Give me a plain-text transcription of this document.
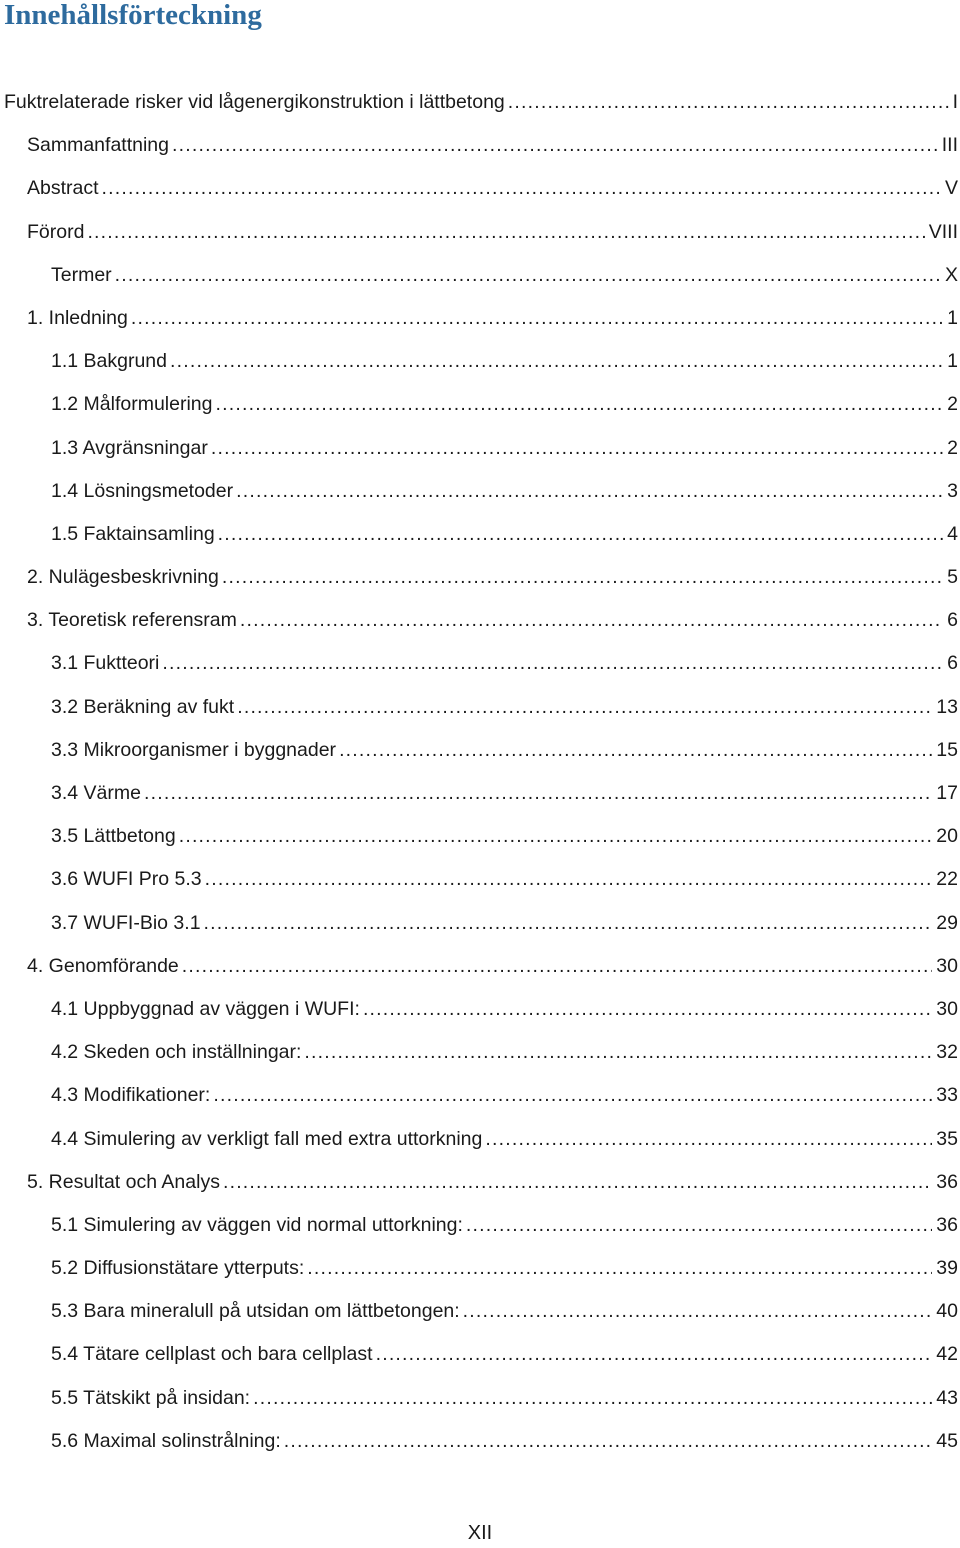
Innehållsförteckning
Fuktrelaterade risker vid lågenergikonstruktion i lättbetong .....	I
Sammanfattning .....	III
Abstract .....	V
Förord .....	VIII
Termer .....	X
1. Inledning .....	1
1.1 Bakgrund .....	1
1.2 Målformulering .....	2
1.3 Avgränsningar .....	2
1.4 Lösningsmetoder .....	3
1.5 Faktainsamling .....	4
2. Nulägesbeskrivning .....	5
3. Teoretisk referensram .....	6
3.1 Fuktteori .....	6
3.2 Beräkning av fukt .....	13
3.3 Mikroorganismer i byggnader .....	15
3.4 Värme .....	17
3.5 Lättbetong .....	20
3.6 WUFI Pro 5.3 .....	22
3.7 WUFI-Bio 3.1 .....	29
4. Genomförande .....	30
4.1 Uppbyggnad av väggen i WUFI: .....	30
4.2 Skeden och inställningar: .....	32
4.3 Modifikationer: .....	33
4.4 Simulering av verkligt fall med extra uttorkning .....	35
5. Resultat och Analys .....	36
5.1 Simulering av väggen vid normal uttorkning: .....	36
5.2 Diffusionstätare ytterputs: .....	39
5.3 Bara mineralull på utsidan om lättbetongen: .....	40
5.4 Tätare cellplast och bara cellplast .....	42
5.5 Tätskikt på insidan: .....	43
5.6 Maximal solinstrålning: .....	45
XII
